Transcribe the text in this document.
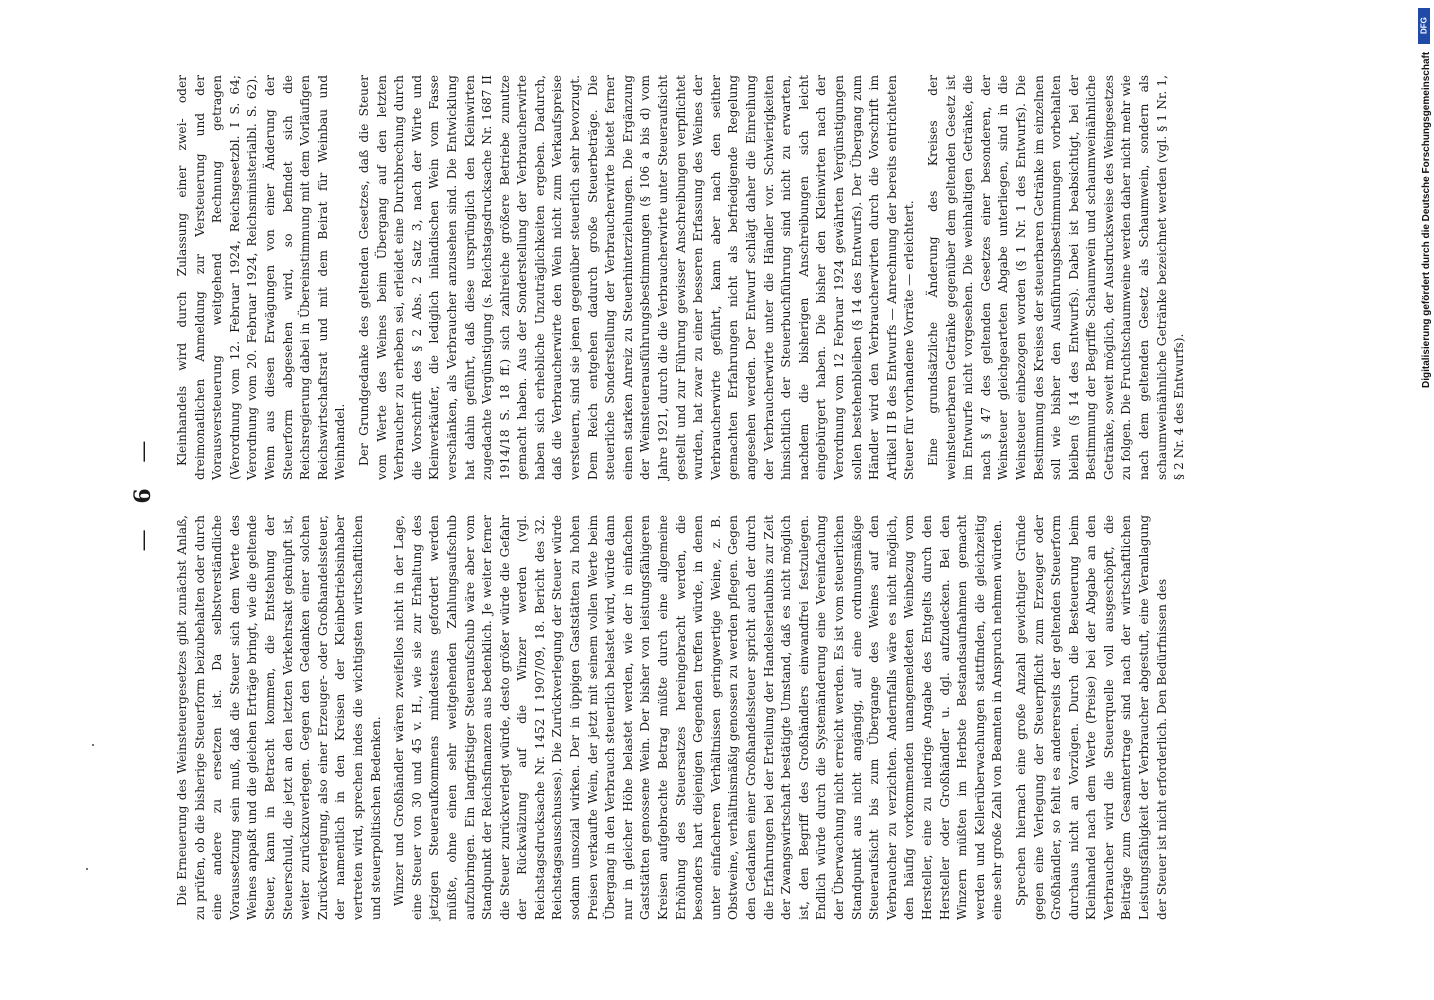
— 6 —

Die Erneuerung des Weinsteuergesetzes gibt zunächst Anlaß, zu prüfen, ob die bisherige Steuerform beizubehalten oder durch eine andere zu ersetzen ist. Da selbstverständliche Voraussetzung sein muß, daß die Steuer sich dem Werte des Weines anpaßt und die gleichen Erträge bringt, wie die geltende Steuer, kann in Betracht kommen, die Entstehung der Steuerschuld, die jetzt an den letzten Verkehrsakt geknüpft ist, weiter zurückzuverlegen. Gegen den Gedanken einer solchen Zurückverlegung, also einer Erzeuger- oder Großhandelssteuer, der namentlich in den Kreisen der Kleinbetriebsinhaber vertreten wird, sprechen indes die wichtigsten wirtschaftlichen und steuerpolitischen Bedenken. Winzer und Großhändler wären zweifellos nicht in der Lage, eine Steuer von 30 und 45 v. H., wie sie zur Erhaltung des jetzigen Steueraufkommens mindestens gefordert werden müßte, ohne einen sehr weitgehenden Zahlungsaufschub aufzubringen. Ein langfristiger Steueraufschub wäre aber vom Standpunkt der Reichsfinanzen aus bedenklich. Je weiter ferner die Steuer zurückverlegt würde, desto größer würde die Gefahr der Rückwälzung auf die Winzer werden (vgl. Reichstagsdrucksache Nr. 1452 I 1907/09, 18. Bericht des 32. Reichstagsausschusses). Die Zurückverlegung der Steuer würde sodann unsozial wirken. Der in üppigen Gaststätten zu hohen Preisen verkaufte Wein, der jetzt mit seinem vollen Werte beim Übergang in den Verbrauch steuerlich belastet wird, würde dann nur in gleicher Höhe belastet werden, wie der in einfachen Gaststätten genossene Wein. Der bisher von leistungsfähigeren Kreisen aufgebrachte Betrag müßte durch eine allgemeine Erhöhung des Steuersatzes hereingebracht werden, die besonders hart diejenigen Gegenden treffen würde, in denen unter einfacheren Verhältnissen geringwertige Weine, z. B. Obstweine, verhältnismäßig genossen zu werden pflegen. Gegen den Gedanken einer Großhandelssteuer spricht auch der durch die Erfahrungen bei der Erteilung der Handelserlaubnis zur Zeit der Zwangswirtschaft bestätigte Umstand, daß es nicht möglich ist, den Begriff des Großhändlers einwandfrei festzulegen. Endlich würde durch die Systemänderung eine Vereinfachung der Überwachung nicht erreicht werden. Es ist vom steuerlichen Standpunkt aus nicht angängig, auf eine ordnungsmäßige Steueraufsicht bis zum Übergange des Weines auf den Verbraucher zu verzichten. Andernfalls wäre es nicht möglich, den häufig vorkommenden unangemeldeten Weinbezug vom Hersteller, eine zu niedrige Angabe des Entgelts durch den Hersteller oder Großhändler u. dgl. aufzudecken. Bei den Winzern müßten im Herbste Bestandsaufnahmen gemacht werden und Kellerüberwachungen stattfinden, die gleichzeitig eine sehr große Zahl von Beamten in Anspruch nehmen würden. Sprechen hiernach eine große Anzahl gewichtiger Gründe gegen eine Verlegung der Steuerpflicht zum Erzeuger oder Großhändler, so fehlt es andererseits der geltenden Steuerform durchaus nicht an Vorzügen. Durch die Besteuerung beim Kleinhandel nach dem Werte (Preise) bei der Abgabe an den Verbraucher wird die Steuerquelle voll ausgeschöpft, die Beiträge zum Gesamtertrage sind nach der wirtschaftlichen Leistungsfähigkeit der Verbraucher abgestuft, eine Veranlagung der Steuer ist nicht erforderlich. Den Bedürfnissen des

Kleinhandels wird durch Zulassung einer zwei- oder dreimonatlichen Anmeldung zur Versteuerung und der Vorausversteuerung weitgehend Rechnung getragen (Verordnung vom 12. Februar 1924, Reichsgesetzbl. I S. 64; Verordnung vom 20. Februar 1924, Reichsministerialbl. S. 62). Wenn aus diesen Erwägungen von einer Änderung der Steuerform abgesehen wird, so befindet sich die Reichsregierung dabei in Übereinstimmung mit dem Vorläufigen Reichswirtschaftsrat und mit dem Beirat für Weinbau und Weinhandel. Der Grundgedanke des geltenden Gesetzes, daß die Steuer vom Werte des Weines beim Übergang auf den letzten Verbraucher zu erheben sei, erleidet eine Durchbrechung durch die Vorschrift des § 2 Abs. 2 Satz 3, nach der Wirte und Kleinverkäufer, die lediglich inländischen Wein vom Fasse verschänken, als Verbraucher anzusehen sind. Die Entwicklung hat dahin geführt, daß diese ursprünglich den Kleinwirten zugedachte Vergünstigung (s. Reichstagsdrucksache Nr. 1687 II 1914/18 S. 18 ff.) sich zahlreiche größere Betriebe zunutze gemacht haben. Aus der Sonderstellung der Verbraucherwirte haben sich erhebliche Unzuträglichkeiten ergeben. Dadurch, daß die Verbraucherwirte den Wein nicht zum Verkaufspreise versteuern, sind sie jenen gegenüber steuerlich sehr bevorzugt. Dem Reich entgehen dadurch große Steuerbeträge. Die steuerliche Sonderstellung der Verbraucherwirte bietet ferner einen starken Anreiz zu Steuerhinterziehungen. Die Ergänzung der Weinsteuerausführungsbestimmungen (§ 106 a bis d) vom Jahre 1921, durch die die Verbraucherwirte unter Steueraufsicht gestellt und zur Führung gewisser Anschreibungen verpflichtet wurden, hat zwar zu einer besseren Erfassung des Weines der Verbraucherwirte geführt, kann aber nach den seither gemachten Erfahrungen nicht als befriedigende Regelung angesehen werden. Der Entwurf schlägt daher die Einreihung der Verbraucherwirte unter die Händler vor. Schwierigkeiten hinsichtlich der Steuerbuchführung sind nicht zu erwarten, nachdem die bisherigen Anschreibungen sich leicht eingebürgert haben. Die bisher den Kleinwirten nach der Verordnung vom 12 Februar 1924 gewährten Vergünstigungen sollen bestehenbleiben (§ 14 des Entwurfs). Der Übergang zum Händler wird den Verbraucherwirten durch die Vorschrift im Artikel II B des Entwurfs — Anrechnung der bereits entrichteten Steuer für vorhandene Vorräte — erleichtert. Eine grundsätzliche Änderung des Kreises der weinsteuerbaren Getränke gegenüber dem geltenden Gesetz ist im Entwurfe nicht vorgesehen. Die weinhaltigen Getränke, die nach § 47 des geltenden Gesetzes einer besonderen, der Weinsteuer gleichgearteten Abgabe unterliegen, sind in die Weinsteuer einbezogen worden (§ 1 Nr. 1 des Entwurfs). Die Bestimmung des Kreises der steuerbaren Getränke im einzelnen soll wie bisher den Ausführungsbestimmungen vorbehalten bleiben (§ 14 des Entwurfs). Dabei ist beabsichtigt, bei der Bestimmung der Begriffe Schaumwein und schaumweinähnliche Getränke, soweit möglich, der Ausdrucksweise des Weingesetzes zu folgen. Die Fruchtschaumweine werden daher nicht mehr wie nach dem geltenden Gesetz als Schaumwein, sondern als schaumweinähnliche Getränke bezeichnet werden (vgl. § 1 Nr. 1, § 2 Nr. 4 des Entwurfs).

DFG
Digitalisierung gefördert durch die Deutsche Forschungsgemeinschaft
